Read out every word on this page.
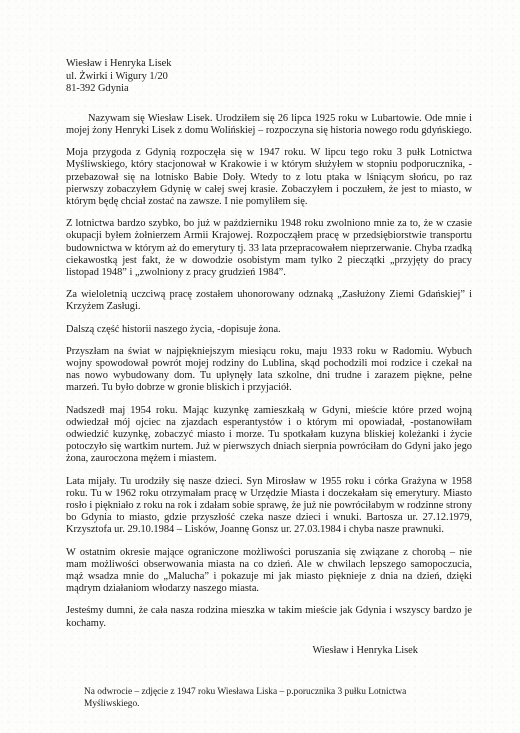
Wiesław i Henryka Lisek
ul. Żwirki i Wigury 1/20
81-392 Gdynia

Nazywam się Wiesław Lisek. Urodziłem się 26 lipca 1925 roku w Lubartowie. Ode mnie i mojej żony Henryki Lisek z domu Wolińskiej – rozpoczyna się historia nowego rodu gdyńskiego.

Moja przygoda z Gdynią rozpoczęła się w 1947 roku. W lipcu tego roku 3 pułk Lotnictwa Myśliwskiego, który stacjonował w Krakowie i w którym służyłem w stopniu podporucznika, - przebazował się na lotnisko Babie Doły. Wtedy to z lotu ptaka w lśniącym słońcu, po raz pierwszy zobaczyłem Gdynię w całej swej krasie. Zobaczyłem i poczułem, że jest to miasto, w którym będę chciał zostać na zawsze. I nie pomyliłem się.

Z lotnictwa bardzo szybko, bo już w październiku 1948 roku zwolniono mnie za to, że w czasie okupacji byłem żołnierzem Armii Krajowej. Rozpocząłem pracę w przedsiębiorstwie transportu budownictwa w którym aż do emerytury tj. 33 lata przepracowałem nieprzerwanie. Chyba rzadką ciekawostką jest fakt, że w dowodzie osobistym mam tylko 2 pieczątki „przyjęty do pracy listopad 1948” i „zwolniony z pracy grudzień 1984”.

Za wieloletnią uczciwą pracę zostałem uhonorowany odznaką „Zasłużony Ziemi Gdańskiej” i Krzyżem Zasługi.

Dalszą część historii naszego życia, -dopisuje żona.

Przyszłam na świat w najpiękniejszym miesiącu roku, maju 1933 roku w Radomiu. Wybuch wojny spowodował powrót mojej rodziny do Lublina, skąd pochodzili moi rodzice i czekał na nas nowo wybudowany dom. Tu upłynęły lata szkolne, dni trudne i zarazem piękne, pełne marzeń. Tu było dobrze w gronie bliskich i przyjaciół.

Nadszedł maj 1954 roku. Mając kuzynkę zamieszkałą w Gdyni, mieście które przed wojną odwiedzał mój ojciec na zjazdach esperantystów i o którym mi opowiadał, -postanowiłam odwiedzić kuzynkę, zobaczyć miasto i morze. Tu spotkałam kuzyna bliskiej koleżanki i życie potoczyło się wartkim nurtem. Już w pierwszych dniach sierpnia powróciłam do Gdyni jako jego żona, zauroczona mężem i miastem.

Lata mijały. Tu urodziły się nasze dzieci. Syn Mirosław w 1955 roku i córka Grażyna w 1958 roku. Tu w 1962 roku otrzymałam pracę w Urzędzie Miasta i doczekałam się emerytury. Miasto rosło i piękniało z roku na rok i zdałam sobie sprawę, że już nie powróciłabym w rodzinne strony bo Gdynia to miasto, gdzie przyszłość czeka nasze dzieci i wnuki. Bartosza ur. 27.12.1979, Krzysztofa ur. 29.10.1984 – Lisków, Joannę Gonsz ur. 27.03.1984 i chyba nasze prawnuki.

W ostatnim okresie mające ograniczone możliwości poruszania się związane z chorobą – nie mam możliwości obserwowania miasta na co dzień. Ale w chwilach lepszego samopoczucia, mąż wsadza mnie do „Malucha” i pokazuje mi jak miasto pięknieje z dnia na dzień, dzięki mądrym działaniom włodarzy naszego miasta.

Jesteśmy dumni, że cała nasza rodzina mieszka w takim mieście jak Gdynia i wszyscy bardzo je kochamy.

Wiesław i Henryka Lisek
Na odwrocie – zdjęcie z 1947 roku Wiesława Liska – p.porucznika 3 pułku Lotnictwa Myśliwskiego.
